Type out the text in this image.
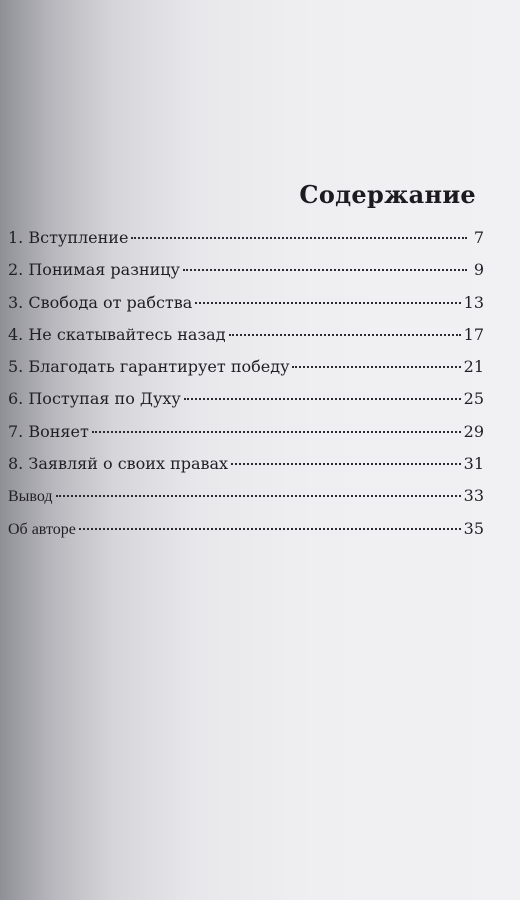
Содержание
1. Вступление	7
2. Понимая разницу	9
3. Свобода от рабства	13
4. Не скатывайтесь назад	17
5. Благодать гарантирует победу	21
6. Поступая по Духу	25
7. Воняет	29
8. Заявляй о своих правах	31
Вывод	33
Об авторе	35
